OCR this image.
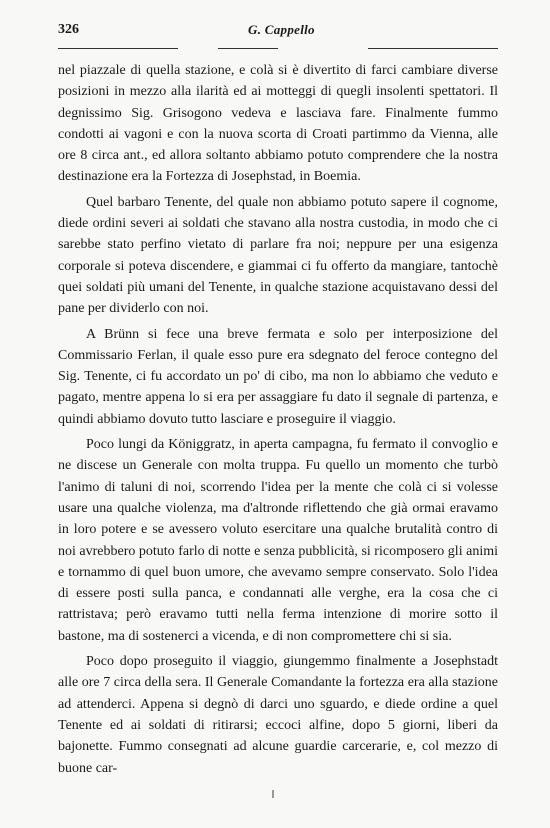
326	G. Cappello

nel piazzale di quella stazione, e colà si è divertito di farci cambiare diverse posizioni in mezzo alla ilarità ed ai motteggi di quegli insolenti spettatori. Il degnissimo Sig. Grisogono vedeva e lasciava fare. Finalmente fummo condotti ai vagoni e con la nuova scorta di Croati partimmo da Vienna, alle ore 8 circa ant., ed allora soltanto abbiamo potuto comprendere che la nostra destinazione era la Fortezza di Josephstad, in Boemia.

Quel barbaro Tenente, del quale non abbiamo potuto sapere il cognome, diede ordini severi ai soldati che stavano alla nostra custodia, in modo che ci sarebbe stato perfino vietato di parlare fra noi; neppure per una esigenza corporale si poteva discendere, e giammai ci fu offerto da mangiare, tantochè quei soldati più umani del Tenente, in qualche stazione acquistavano dessi del pane per dividerlo con noi.

A Brünn si fece una breve fermata e solo per interposizione del Commissario Ferlan, il quale esso pure era sdegnato del feroce contegno del Sig. Tenente, ci fu accordato un po' di cibo, ma non lo abbiamo che veduto e pagato, mentre appena lo si era per assaggiare fu dato il segnale di partenza, e quindi abbiamo dovuto tutto lasciare e proseguire il viaggio.

Poco lungi da Königgratz, in aperta campagna, fu fermato il convoglio e ne discese un Generale con molta truppa. Fu quello un momento che turbò l'animo di taluni di noi, scorrendo l'idea per la mente che colà ci si volesse usare una qualche violenza, ma d'altronde riflettendo che già ormai eravamo in loro potere e se avessero voluto esercitare una qualche brutalità contro di noi avrebbero potuto farlo di notte e senza pubblicità, si ricomposero gli animi e tornammo di quel buon umore, che avevamo sempre conservato. Solo l'idea di essere posti sulla panca, e condannati alle verghe, era la cosa che ci rattristava; però eravamo tutti nella ferma intenzione di morire sotto il bastone, ma di sostenerci a vicenda, e di non compromettere chi si sia.

Poco dopo proseguito il viaggio, giungemmo finalmente a Josephstadt alle ore 7 circa della sera. Il Generale Comandante la fortezza era alla stazione ad attenderci. Appena si degnò di darci uno sguardo, e diede ordine a quel Tenente ed ai soldati di ritirarsi; eccoci alfine, dopo 5 giorni, liberi da bajonette. Fummo consegnati ad alcune guardie carcerarie, e, col mezzo di buone car-
